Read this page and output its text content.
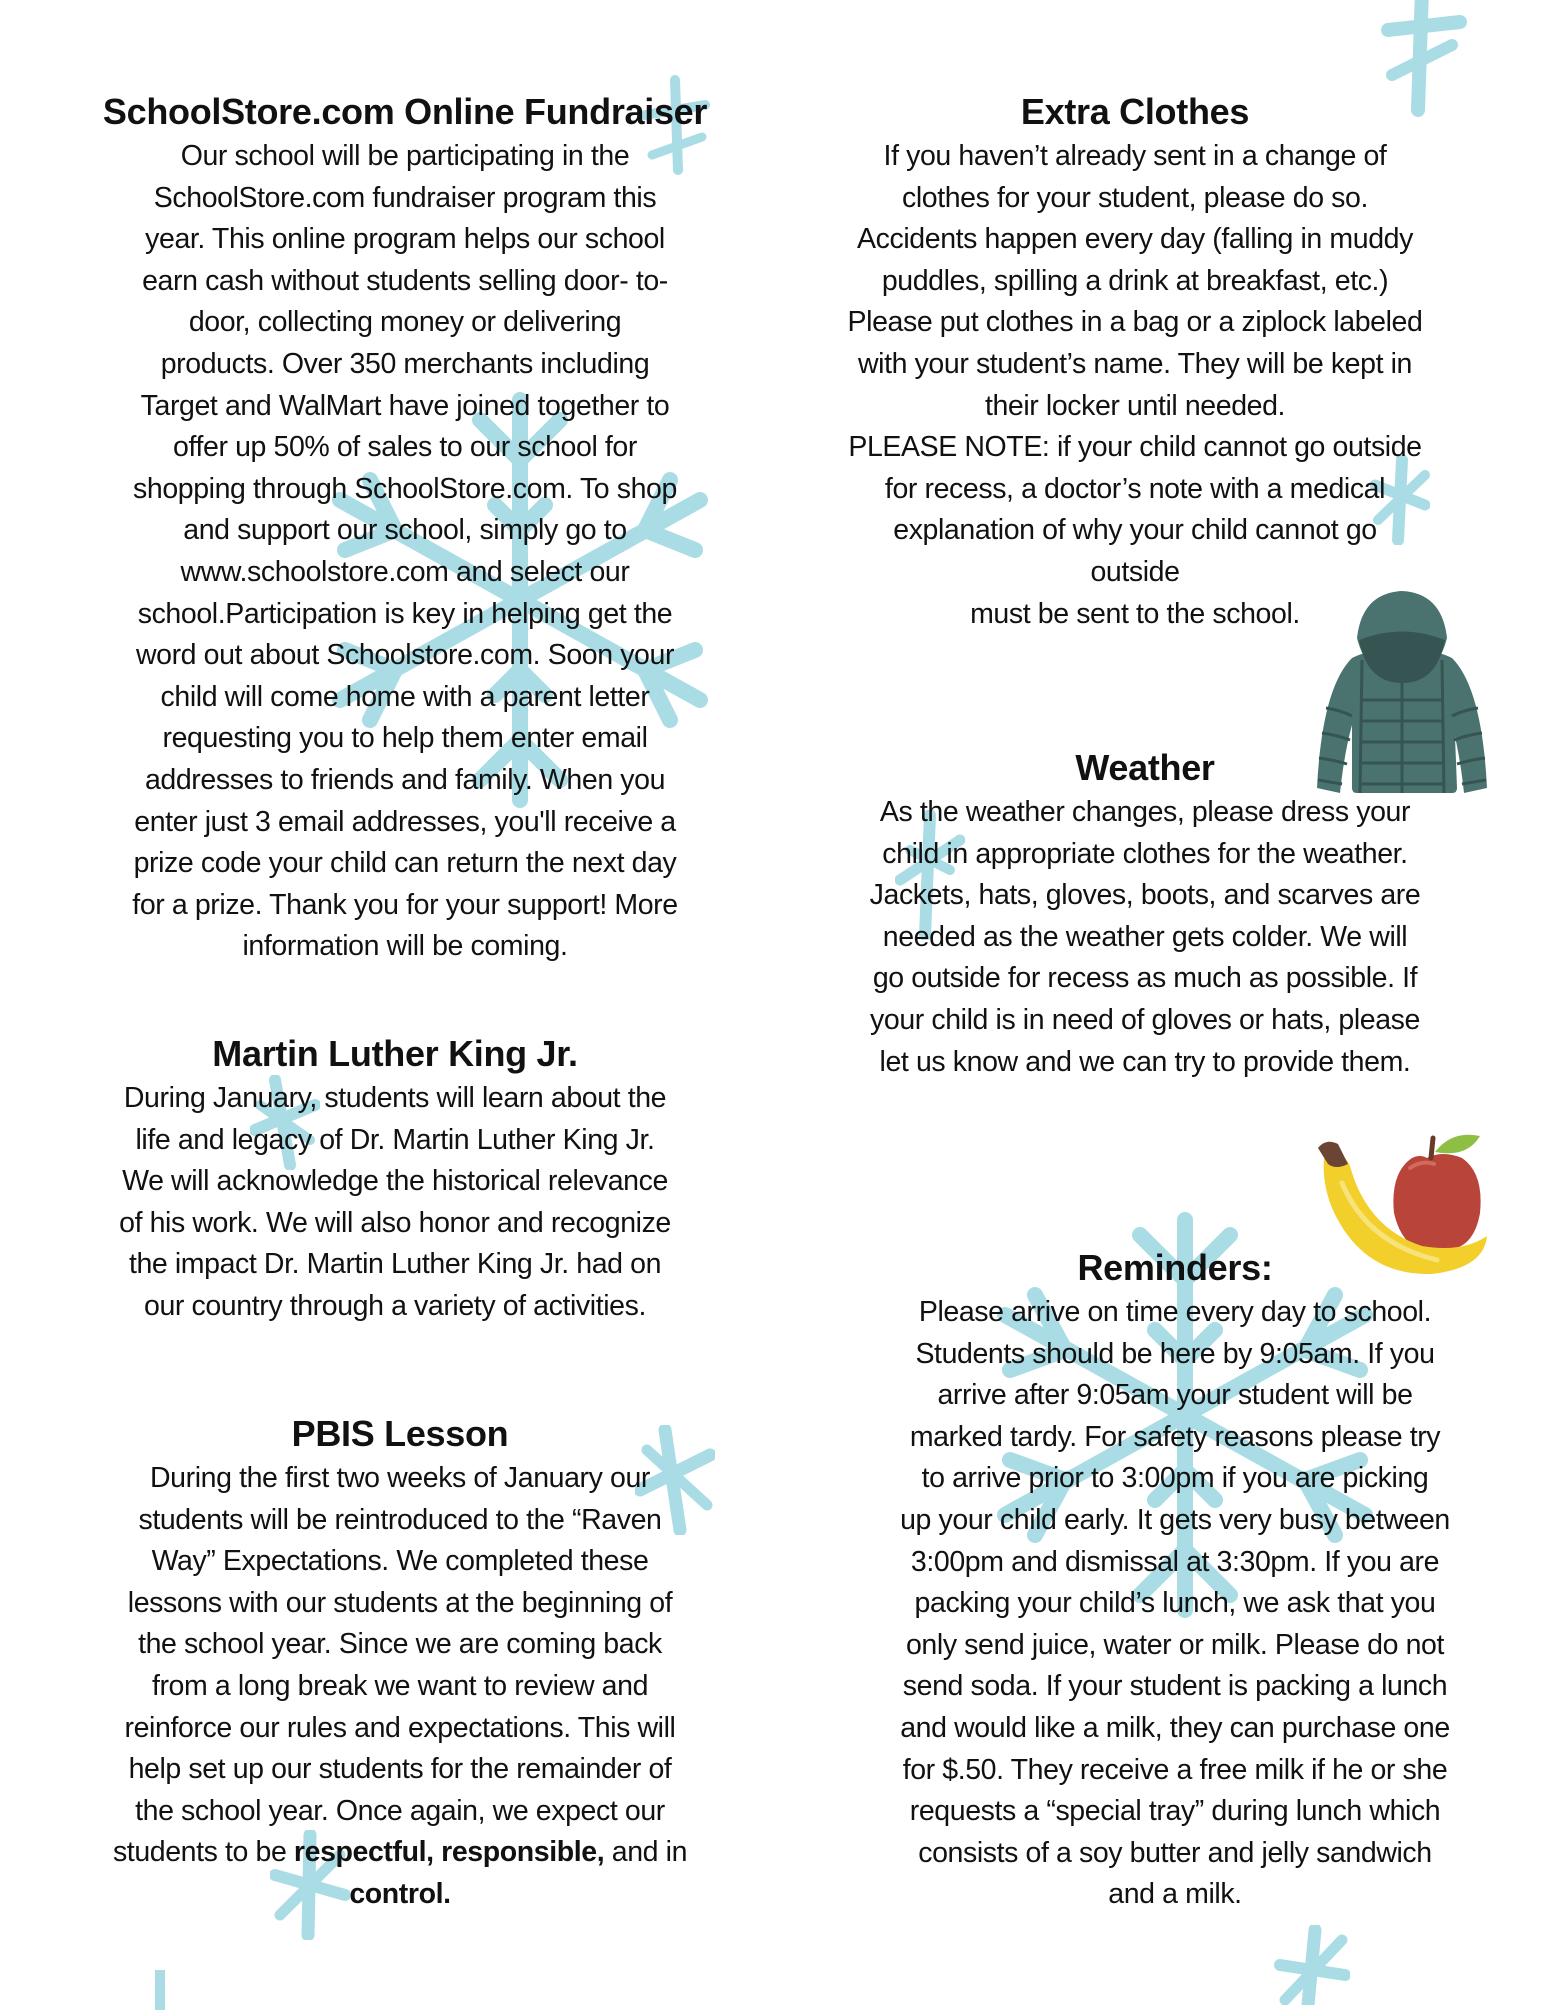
SchoolStore.com Online Fundraiser

Our school will be participating in the
SchoolStore.com fundraiser program this
year. This online program helps our school
earn cash without students selling door- to-
door, collecting money or delivering
products. Over 350 merchants including
Target and WalMart have joined together to
offer up 50% of sales to our school for
shopping through SchoolStore.com. To shop
and support our school, simply go to
www.schoolstore.com and select our
school.Participation is key in helping get the
word out about Schoolstore.com. Soon your
child will come home with a parent letter
requesting you to help them enter email
addresses to friends and family. When you
enter just 3 email addresses, you'll receive a
prize code your child can return the next day
for a prize. Thank you for your support! More
information will be coming.

Martin Luther King Jr.

During January, students will learn about the
life and legacy of Dr. Martin Luther King Jr.
We will acknowledge the historical relevance
of his work. We will also honor and recognize
the impact Dr. Martin Luther King Jr. had on
our country through a variety of activities.

PBIS Lesson

During the first two weeks of January our
students will be reintroduced to the “Raven
Way” Expectations. We completed these
lessons with our students at the beginning of
the school year. Since we are coming back
from a long break we want to review and
reinforce our rules and expectations. This will
help set up our students for the remainder of
the school year. Once again, we expect our
students to be respectful, responsible, and in
control.

Extra Clothes

If you haven’t already sent in a change of
clothes for your student, please do so.
Accidents happen every day (falling in muddy
puddles, spilling a drink at breakfast, etc.)
Please put clothes in a bag or a ziplock labeled
with your student’s name. They will be kept in
their locker until needed.
PLEASE NOTE: if your child cannot go outside
for recess, a doctor’s note with a medical
explanation of why your child cannot go
outside
must be sent to the school.

Weather

As the weather changes, please dress your
child in appropriate clothes for the weather.
Jackets, hats, gloves, boots, and scarves are
needed as the weather gets colder. We will
go outside for recess as much as possible. If
your child is in need of gloves or hats, please
let us know and we can try to provide them.

Reminders:

Please arrive on time every day to school.
Students should be here by 9:05am. If you
arrive after 9:05am your student will be
marked tardy. For safety reasons please try
to arrive prior to 3:00pm if you are picking
up your child early. It gets very busy between
3:00pm and dismissal at 3:30pm. If you are
packing your child’s lunch, we ask that you
only send juice, water or milk. Please do not
send soda. If your student is packing a lunch
and would like a milk, they can purchase one
for $.50. They receive a free milk if he or she
requests a “special tray” during lunch which
consists of a soy butter and jelly sandwich
and a milk.
